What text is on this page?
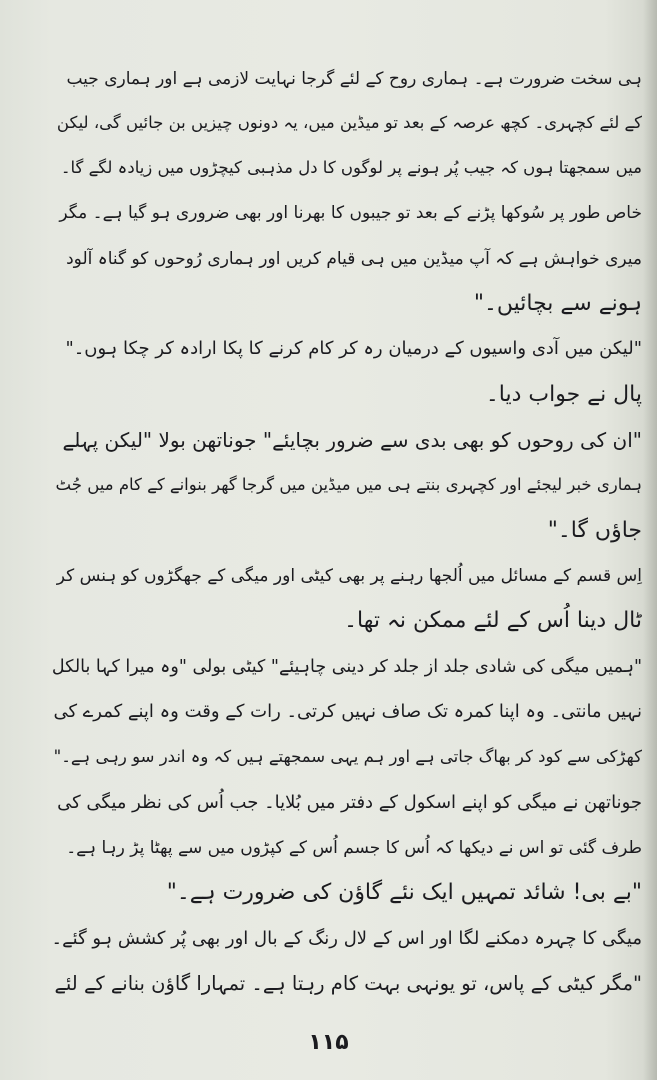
ہی سخت ضرورت ہے۔ ہماری روح کے لئے گرجا نہایت لازمی ہے اور ہماری جیب
کے لئے کچہری۔ کچھ عرصہ کے بعد تو میڈین میں، یہ دونوں چیزیں بن جائیں گی، لیکن
میں سمجھتا ہوں کہ جیب پُر ہونے پر لوگوں کا دل مذہبی کیچڑوں میں زیادہ لگے گا۔
خاص طور پر سُوکھا پڑنے کے بعد تو جیبوں کا بھرنا اور بھی ضروری ہو گیا ہے۔ مگر
میری خواہش ہے کہ آپ میڈین میں ہی قیام کریں اور ہماری رُوحوں کو گناہ آلود
ہونے سے بچائیں۔"
"لیکن میں آدی واسیوں کے درمیان رہ کر کام کرنے کا پکا ارادہ کر چکا ہوں۔"
پال نے جواب دیا۔
"ان کی روحوں کو بھی بدی سے ضرور بچایئے" جوناتھن بولا "لیکن پہلے
ہماری خبر لیجئے اور کچہری بنتے ہی میں میڈین میں گرجا گھر بنوانے کے کام میں جُٹ
جاؤں گا۔"
اِس قسم کے مسائل میں اُلجھا رہنے پر بھی کیٹی اور میگی کے جھگڑوں کو ہنس کر
ٹال دینا اُس کے لئے ممکن نہ تھا۔
"ہمیں میگی کی شادی جلد از جلد کر دینی چاہیئے" کیٹی بولی "وہ میرا کہا بالکل
نہیں مانتی۔ وہ اپنا کمرہ تک صاف نہیں کرتی۔ رات کے وقت وہ اپنے کمرے کی
کھڑکی سے کود کر بھاگ جاتی ہے اور ہم یہی سمجھتے ہیں کہ وہ اندر سو رہی ہے۔"
جوناتھن نے میگی کو اپنے اسکول کے دفتر میں بُلایا۔ جب اُس کی نظر میگی کی
طرف گئی تو اس نے دیکھا کہ اُس کا جسم اُس کے کپڑوں میں سے پھٹا پڑ رہا ہے۔
"بے بی! شائد تمہیں ایک نئے گاؤن کی ضرورت ہے۔"
میگی کا چہرہ دمکنے لگا اور اس کے لال رنگ کے بال اور بھی پُر کشش ہو گئے۔
"مگر کیٹی کے پاس، تو یونہی بہت کام رہتا ہے۔ تمہارا گاؤن بنانے کے لئے
۱۱۵
